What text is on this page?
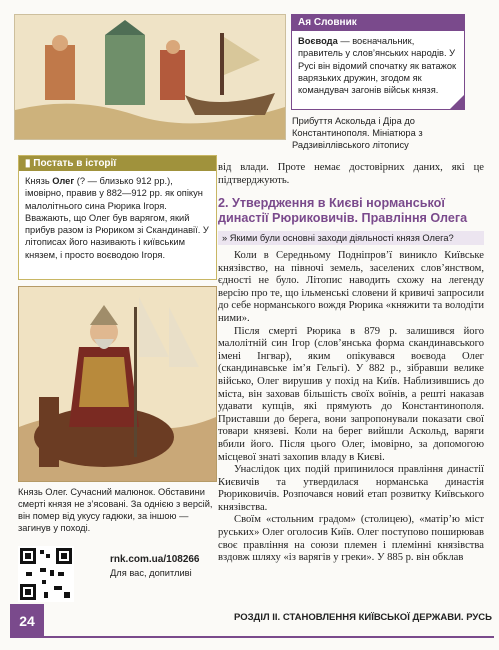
Aя Словник
Воєвода — воєначальник, правитель у слов’янських народів. У Русі він відомий спочатку як ватажок варязьких дружин, згодом як командувач загонів військ князя.
Прибуття Аскольда і Діра до Константинополя. Мініатюра з Радзивіллівського літопису
▮ Постать в історії
Князь Олег (? — близько 912 рр.), імовірно, правив у 882—912 рр. як опікун малолітнього сина Рюрика Ігоря. Вважають, що Олег був варягом, який прибув разом із Рюриком зі Скандинавії. У літописах його називають і київським князем, і просто воєводою Ігоря.
Князь Олег. Сучасний малюнок. Обставини смерті князя не з’ясовані. За однією з версій, він помер від укусу гадюки, за іншою — загинув у поході.
rnk.com.ua/108266
Для вас, допитливі

від влади. Проте немає достовірних даних, які це підтверджують.

2. Утвердження в Києві норманської династії Рюриковичів. Правління Олега
» Якими були основні заходи діяльності князя Олега?

Коли в Середньому Подніпров’ї виникло Київське князівство, на півночі земель, заселених слов’янством, єдності не було. Літопис наводить схожу на легенду версію про те, що ільменські словени й кривичі запросили до себе норманського вождя Рюрика «княжити та володіти ними».

Після смерті Рюрика в 879 р. залишився його малолітній син Ігор (слов’янська форма скандинавського імені Інгвар), яким опікувався воєвода Олег (скандинавське ім’я Гельгі). У 882 р., зібравши велике військо, Олег вирушив у похід на Київ. Наблизившись до міста, він заховав більшість своїх воїнів, а решті наказав удавати купців, які прямують до Константинополя. Приставши до берега, вони запропонували показати свої товари князеві. Коли на берег вийшли Аскольд, варяги вбили його. Після цього Олег, імовірно, за допомогою місцевої знаті захопив владу в Києві.

Унаслідок цих подій припинилося правління династії Києвичів та утвердилася норманська династія Рюриковичів. Розпочався новий етап розвитку Київського князівства.

Своїм «стольним градом» (столицею), «матір’ю міст руських» Олег оголосив Київ. Олег поступово поширював своє правління на союзи племен і племінні князівства вздовж шляху «із варягів у греки». У 885 р. він обклав

24	РОЗДІЛ ІІ. СТАНОВЛЕННЯ КИЇВСЬКОЇ ДЕРЖАВИ. РУСЬ
